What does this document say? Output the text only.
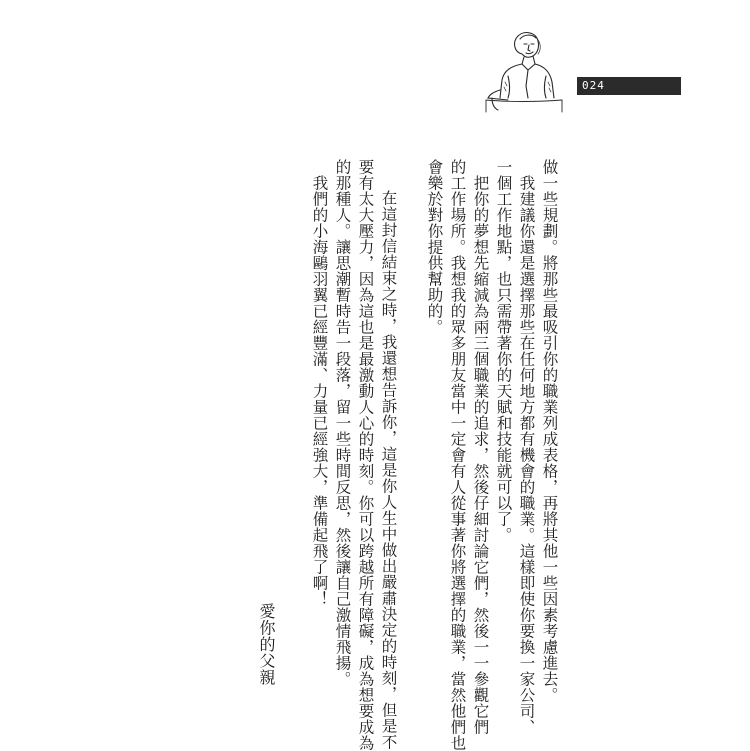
024

做一些規劃。將那些最吸引你的職業列成表格，再將其他一些因素考慮進去。

我建議你還是選擇那些在任何地方都有機會的職業。這樣即使你要換一家公司、

一個工作地點，也只需帶著你的天賦和技能就可以了。

把你的夢想先縮減為兩三個職業的追求，然後仔細討論它們，然後一一參觀它們

的工作場所。我想我的眾多朋友當中一定會有人從事著你將選擇的職業，當然他們也

會樂於對你提供幫助的。

在這封信結束之時，我還想告訴你，這是你人生中做出嚴肅決定的時刻，但是不

要有太大壓力，因為這也是最激動人心的時刻。你可以跨越所有障礙，成為想要成為

的那種人。讓思潮暫時告一段落，留一些時間反思，然後讓自己激情飛揚。

我們的小海鷗羽翼已經豐滿、力量已經強大，準備起飛了啊！

愛你的父親
